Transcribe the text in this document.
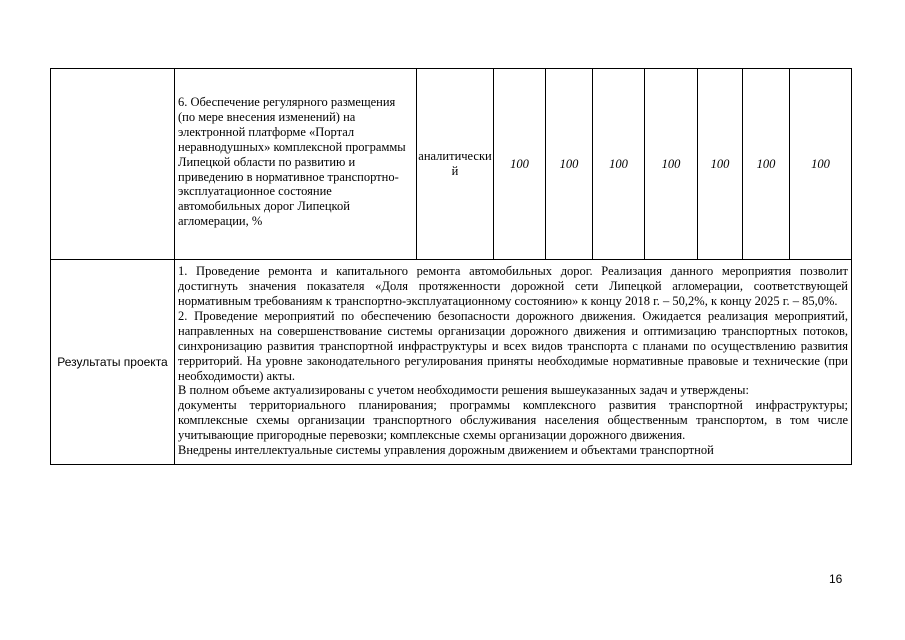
	6. Обеспечение регулярного размещения (по мере внесения изменений) на электронной платформе «Портал неравнодушных» комплексной программы Липецкой области по развитию и приведению в нормативное транспортно-эксплуатационное состояние автомобильных дорог Липецкой агломерации, %	аналитический	100	100	100	100	100	100	100
Результаты проекта	1. Проведение ремонта и капитального ремонта автомобильных дорог. Реализация данного мероприятия позволит достигнуть значения показателя «Доля протяженности дорожной сети Липецкой агломерации, соответствующей нормативным требованиям к транспортно-эксплуатационному состоянию» к концу 2018 г. – 50,2%, к концу 2025 г. – 85,0%.

2. Проведение мероприятий по обеспечению безопасности дорожного движения. Ожидается реализация мероприятий, направленных на совершенствование системы организации дорожного движения и оптимизацию транспортных потоков, синхронизацию развития транспортной инфраструктуры и всех видов транспорта с планами по осуществлению развития территорий. На уровне законодательного регулирования приняты необходимые нормативные правовые и технические (при необходимости) акты.

В полном объеме актуализированы с учетом необходимости решения вышеуказанных задач и утверждены:

документы территориального планирования; программы комплексного развития транспортной инфраструктуры; комплексные схемы организации транспортного обслуживания населения общественным транспортом, в том числе учитывающие пригородные перевозки; комплексные схемы организации дорожного движения.

Внедрены интеллектуальные системы управления дорожным движением и объектами транспортной								

16
